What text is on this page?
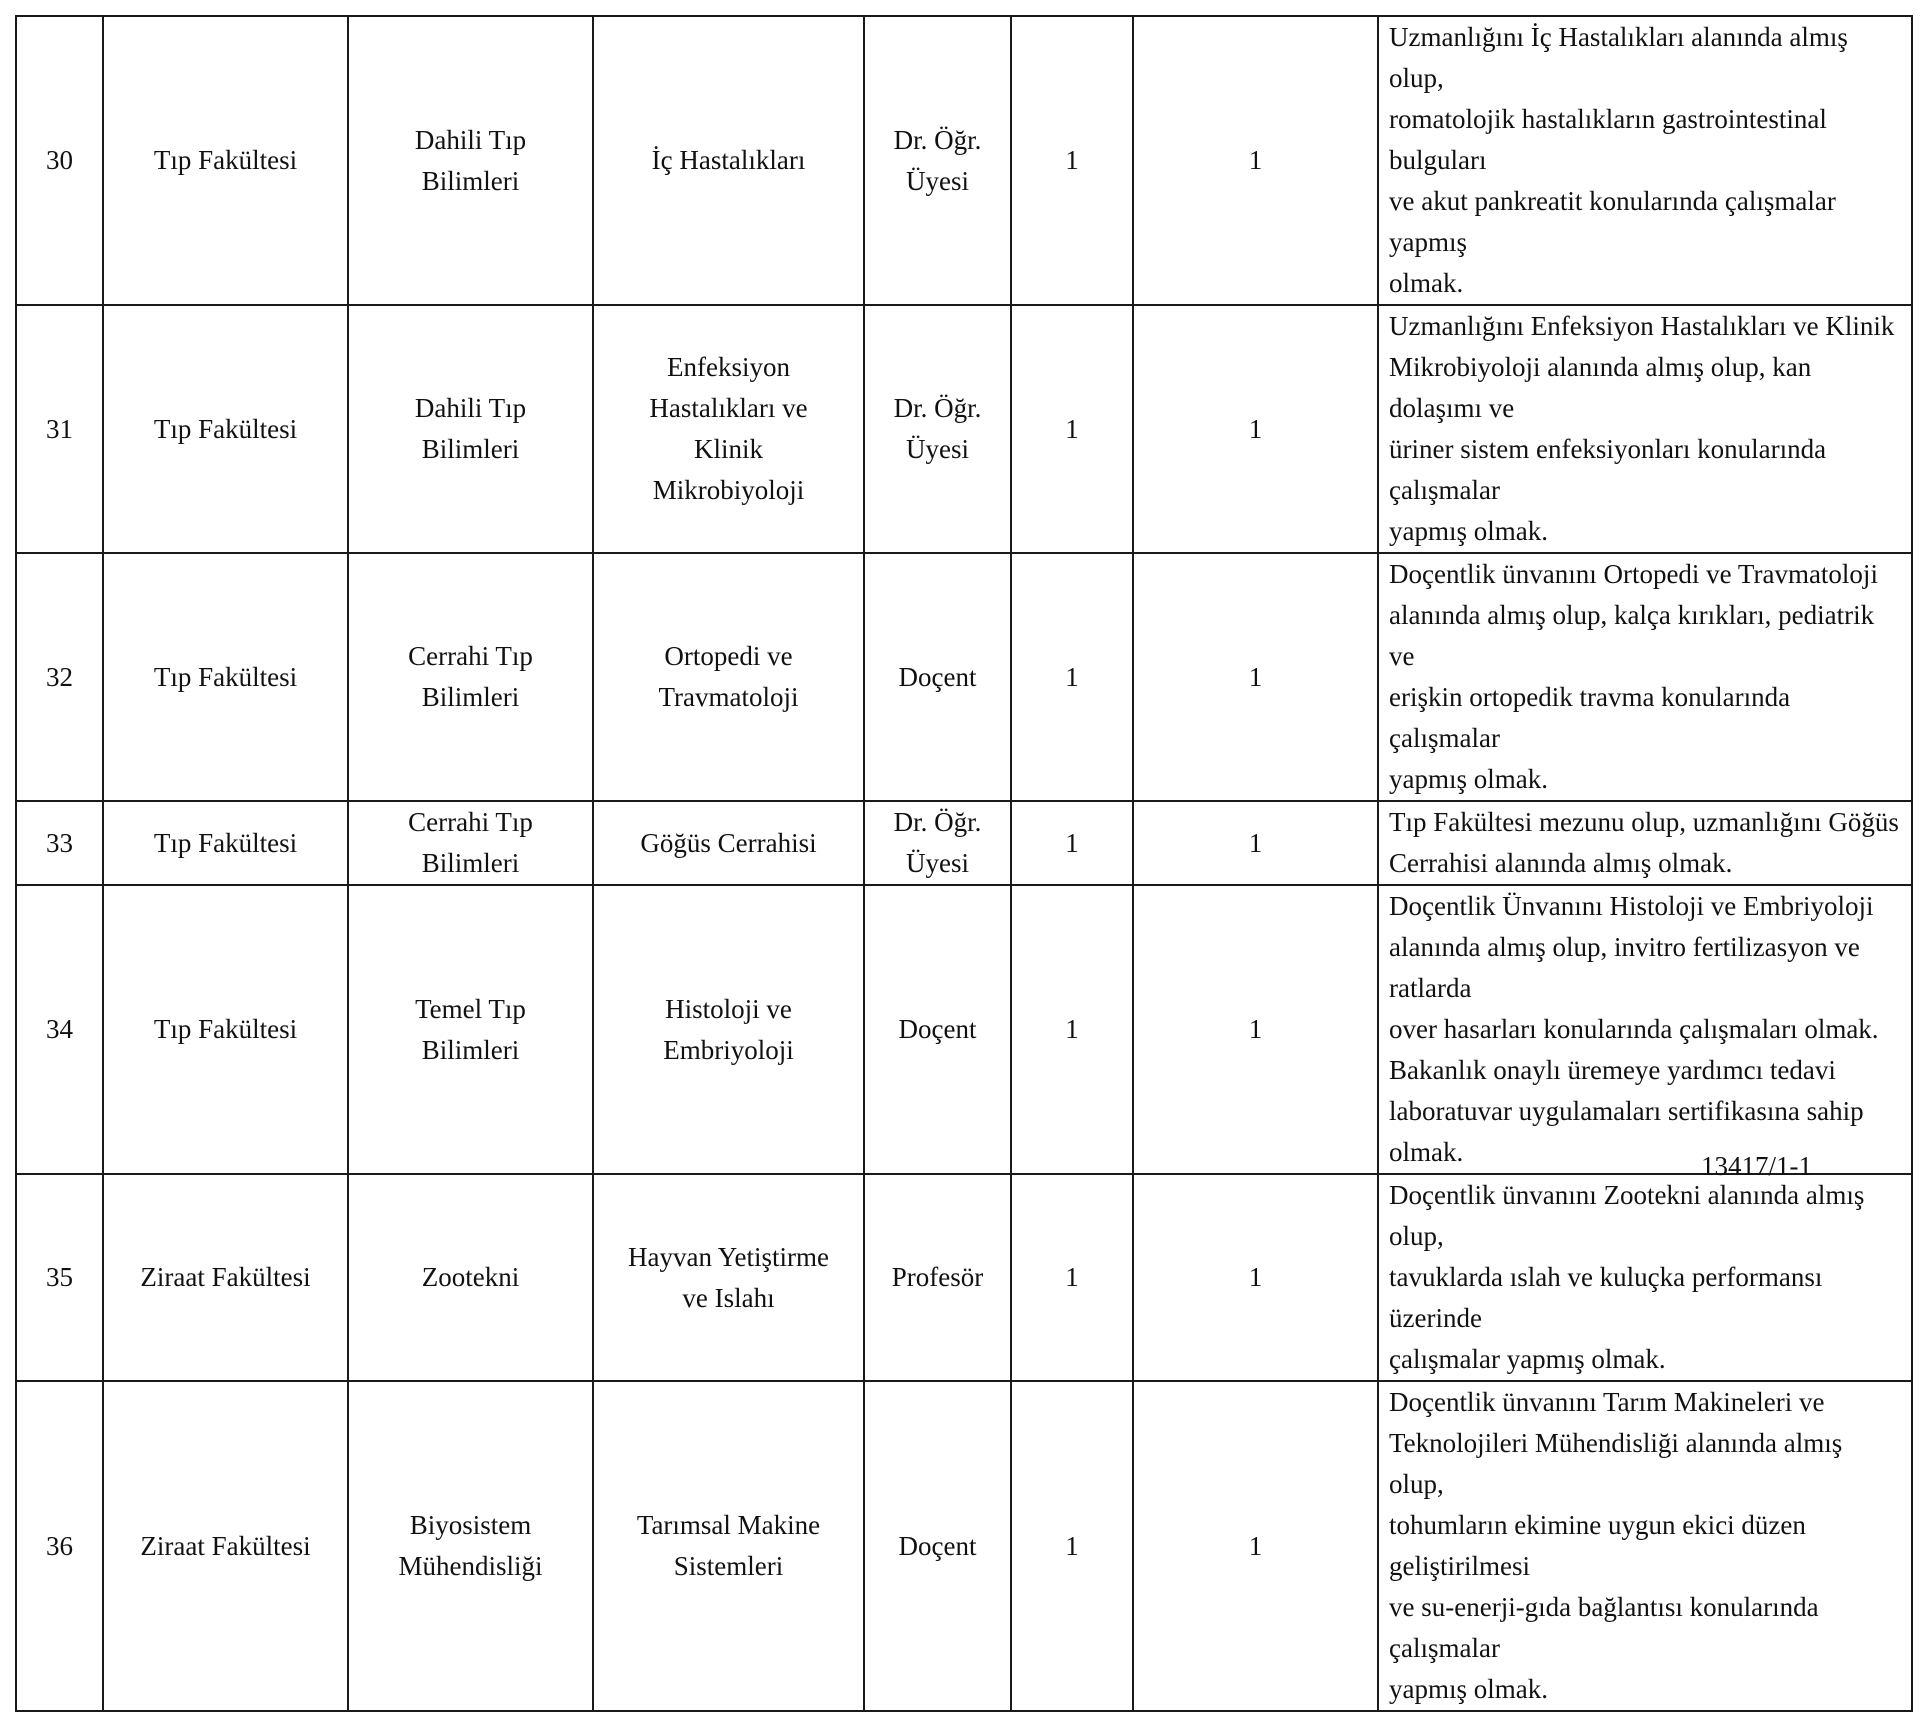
30	Tıp Fakültesi	Dahili Tıp
Bilimleri	İç Hastalıkları	Dr. Öğr.
Üyesi	1	1	Uzmanlığını İç Hastalıkları alanında almış olup,
romatolojik hastalıkların gastrointestinal bulguları
ve akut pankreatit konularında çalışmalar yapmış
olmak.
31	Tıp Fakültesi	Dahili Tıp
Bilimleri	Enfeksiyon
Hastalıkları ve
Klinik
Mikrobiyoloji	Dr. Öğr.
Üyesi	1	1	Uzmanlığını Enfeksiyon Hastalıkları ve Klinik
Mikrobiyoloji alanında almış olup, kan dolaşımı ve
üriner sistem enfeksiyonları konularında çalışmalar
yapmış olmak.
32	Tıp Fakültesi	Cerrahi Tıp
Bilimleri	Ortopedi ve
Travmatoloji	Doçent	1	1	Doçentlik ünvanını Ortopedi ve Travmatoloji
alanında almış olup, kalça kırıkları, pediatrik ve
erişkin ortopedik travma konularında çalışmalar
yapmış olmak.
33	Tıp Fakültesi	Cerrahi Tıp
Bilimleri	Göğüs Cerrahisi	Dr. Öğr.
Üyesi	1	1	Tıp Fakültesi mezunu olup, uzmanlığını Göğüs
Cerrahisi alanında almış olmak.
34	Tıp Fakültesi	Temel Tıp
Bilimleri	Histoloji ve
Embriyoloji	Doçent	1	1	Doçentlik Ünvanını Histoloji ve Embriyoloji
alanında almış olup, invitro fertilizasyon ve ratlarda
over hasarları konularında çalışmaları olmak.
Bakanlık onaylı üremeye yardımcı tedavi
laboratuvar uygulamaları sertifikasına sahip olmak.
35	Ziraat Fakültesi	Zootekni	Hayvan Yetiştirme
ve Islahı	Profesör	1	1	Doçentlik ünvanını Zootekni alanında almış olup,
tavuklarda ıslah ve kuluçka performansı üzerinde
çalışmalar yapmış olmak.
36	Ziraat Fakültesi	Biyosistem
Mühendisliği	Tarımsal Makine
Sistemleri	Doçent	1	1	Doçentlik ünvanını Tarım Makineleri ve
Teknolojileri Mühendisliği alanında almış olup,
tohumların ekimine uygun ekici düzen geliştirilmesi
ve su-enerji-gıda bağlantısı konularında çalışmalar
yapmış olmak.
13417/1-1
